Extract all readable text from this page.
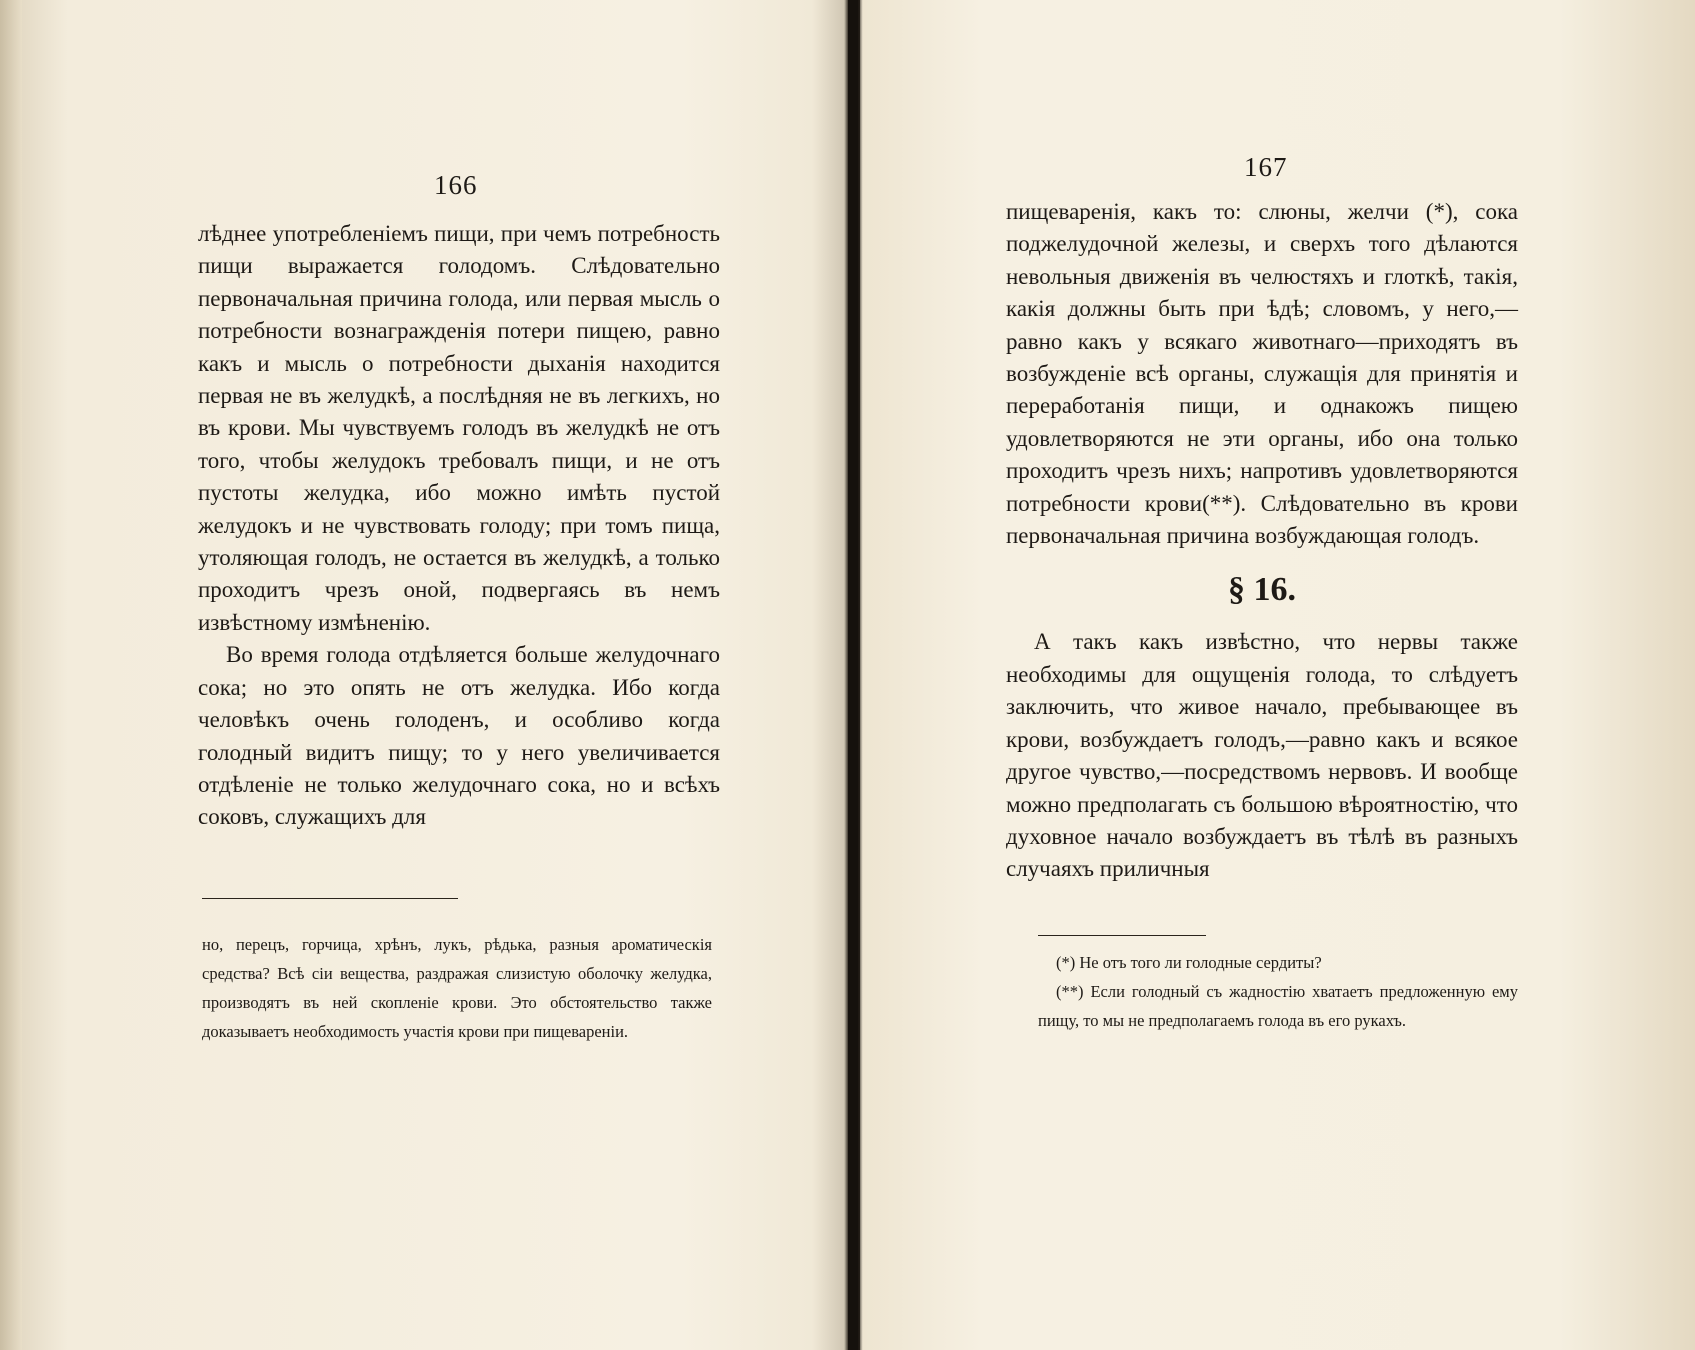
166

лѣднее употребленіемъ пищи, при чемъ потребность пищи выражается голодомъ. Слѣдовательно первоначальная причина голода, или первая мысль о потребности вознагражденія потери пищею, равно какъ и мысль о потребности дыханія находится первая не въ желудкѣ, а послѣдняя не въ легкихъ, но въ крови. Мы чувствуемъ голодъ въ желудкѣ не отъ того, чтобы желудокъ требовалъ пищи, и не отъ пустоты желудка, ибо можно имѣть пустой желудокъ и не чувствовать голоду; при томъ пища, утоляющая голодъ, не остается въ желудкѣ, а только проходитъ чрезъ оной, подвергаясь въ немъ извѣстному измѣненію.

Во время голода отдѣляется больше желудочнаго сока; но это опять не отъ желудка. Ибо когда человѣкъ очень голоденъ, и особливо когда голодный видитъ пищу; то у него увеличивается отдѣленіе не только желудочнаго сока, но и всѣхъ соковъ, служащихъ для

но, перецъ, горчица, хрѣнъ, лукъ, рѣдька, разныя ароматическія средства? Всѣ сіи вещества, раздражая слизистую оболочку желудка, производятъ въ ней скопленіе крови. Это обстоятельство также доказываетъ необходимость участія крови при пищевареніи.

167

пищеваренія, какъ то: слюны, желчи (*), сока поджелудочной железы, и сверхъ того дѣлаются невольныя движенія въ челюстяхъ и глоткѣ, такія, какія должны быть при ѣдѣ; словомъ, у него,—равно какъ у всякаго животнаго—приходятъ въ возбужденіе всѣ органы, служащія для принятія и переработанія пищи, и однакожъ пищею удовлетворяются не эти органы, ибо она только проходитъ чрезъ нихъ; напротивъ удовлетворяются потребности крови(**). Слѣдовательно въ крови первоначальная причина возбуждающая голодъ.

§ 16.

А такъ какъ извѣстно, что нервы также необходимы для ощущенія голода, то слѣдуетъ заключить, что живое начало, пребывающее въ крови, возбуждаетъ голодъ,—равно какъ и всякое другое чувство,—посредствомъ нервовъ. И вообще можно предполагать съ большою вѣроятностію, что духовное начало возбуждаетъ въ тѣлѣ въ разныхъ случаяхъ приличныя

(*) Не отъ того ли голодные сердиты?

(**) Если голодный съ жадностію хватаетъ предложенную ему пищу, то мы не предполагаемъ голода въ его рукахъ.
